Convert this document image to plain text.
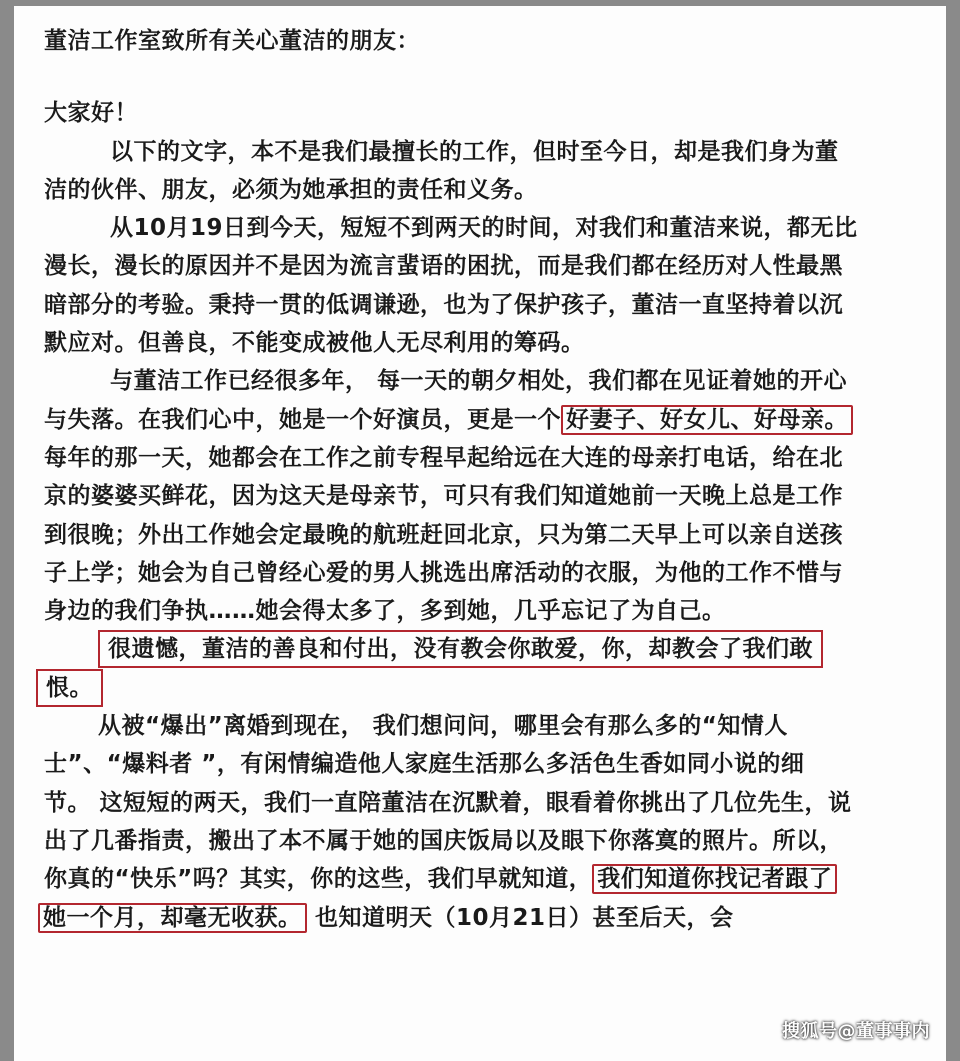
董洁工作室致所有关心董洁的朋友：
大家好！
以下的文字，本不是我们最擅长的工作，但时至今日，却是我们身为董
洁的伙伴、朋友，必须为她承担的责任和义务。
从10月19日到今天，短短不到两天的时间，对我们和董洁来说，都无比
漫长，漫长的原因并不是因为流言蜚语的困扰，而是我们都在经历对人性最黑
暗部分的考验。秉持一贯的低调谦逊，也为了保护孩子，董洁一直坚持着以沉
默应对。但善良，不能变成被他人无尽利用的筹码。
与董洁工作已经很多年， 每一天的朝夕相处，我们都在见证着她的开心
与失落。在我们心中，她是一个好演员，更是一个 好妻子、好女儿、好母亲。
每年的那一天，她都会在工作之前专程早起给远在大连的母亲打电话，给在北
京的婆婆买鲜花，因为这天是母亲节，可只有我们知道她前一天晚上总是工作
到很晚；外出工作她会定最晚的航班赶回北京，只为第二天早上可以亲自送孩
子上学；她会为自己曾经心爱的男人挑选出席活动的衣服，为他的工作不惜与
身边的我们争执……她会得太多了，多到她，几乎忘记了为自己。
很遗憾，董洁的善良和付出，没有教会你敢爱，你，却教会了我们敢
恨。
从被“爆出”离婚到现在， 我们想问问，哪里会有那么多的“知情人
士”、“爆料者 ”，有闲情编造他人家庭生活那么多活色生香如同小说的细
节。 这短短的两天，我们一直陪董洁在沉默着，眼看着你挑出了几位先生，说
出了几番指责，搬出了本不属于她的国庆饭局以及眼下你落寞的照片。所以，
你真的“快乐”吗？其实，你的这些，我们早就知道， 我们知道你找记者跟了
她一个月，却毫无收获。 也知道明天（10月21日）甚至后天，会
搜狐号@董事事内
